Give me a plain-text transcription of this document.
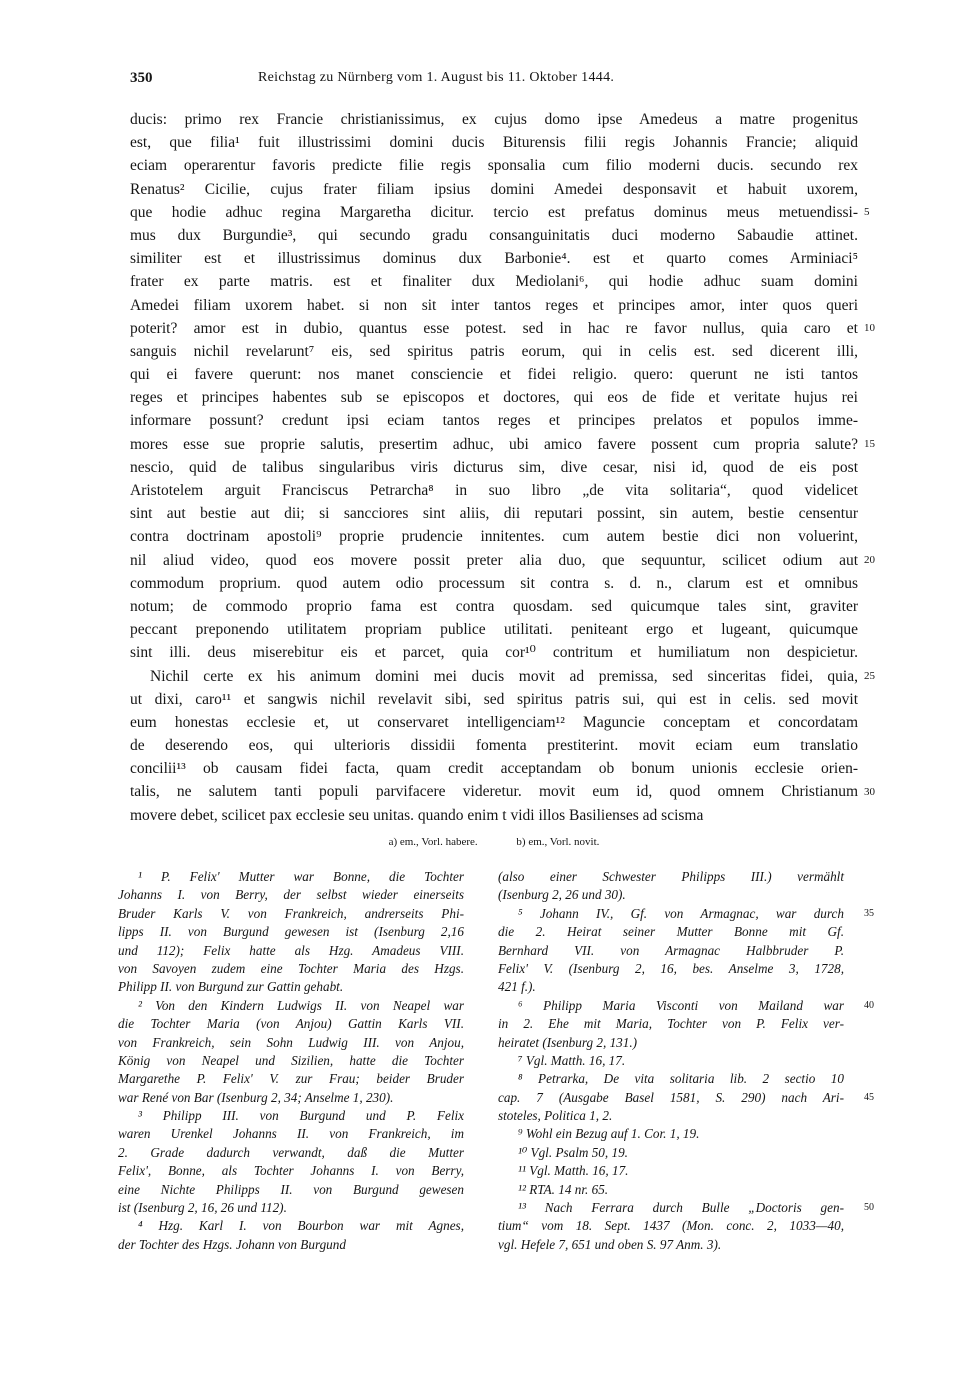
350	Reichstag zu Nürnberg vom 1. August bis 11. Oktober 1444.
ducis: primo rex Francie christianissimus, ex cujus domo ipse Amedeus a matre progenitus
est, que filia¹ fuit illustrissimi domini ducis Biturensis filii regis Johannis Francie; aliquid
eciam operarentur favoris predicte filie regis sponsalia cum filio moderni ducis. secundo rex
Renatus² Cicilie, cujus frater filiam ipsius domini Amedei desponsavit et habuit uxorem,
que hodie adhuc regina Margaretha dicitur. tercio est prefatus dominus meus metuendissi-
mus dux Burgundie³, qui secundo gradu consanguinitatis duci moderno Sabaudie attinet.
similiter est et illustrissimus dominus dux Barbonie⁴. est et quarto comes Arminiaci⁵
frater ex parte matris. est et finaliter dux Mediolani⁶, qui hodie adhuc suam domini
Amedei filiam uxorem habet. si non sit inter tantos reges et principes amor, inter quos queri
poterit? amor est in dubio, quantus esse potest. sed in hac re favor nullus, quia caro et
sanguis nichil revelarunt⁷ eis, sed spiritus patris eorum, qui in celis est. sed dicerent illi,
qui ei favere querunt: nos manet consciencie et fidei religio. quero: querunt ne isti tantos
reges et principes habentes sub se episcopos et doctores, qui eos de fide et veritate hujus rei
informare possunt? credunt ipsi eciam tantos reges et principes prelatos et populos imme-
mores esse sue proprie salutis, presertim adhuc, ubi amico favere possent cum propria salute?
nescio, quid de talibus singularibus viris dicturus sim, dive cesar, nisi id, quod de eis post
Aristotelem arguit Franciscus Petrarcha⁸ in suo libro „de vita solitaria“, quod videlicet
sint aut bestie aut dii; si sancciores sint aliis, dii reputari possint, sin autem, bestie censentur
contra doctrinam apostoli⁹ proprie prudencie innitentes. cum autem bestie dici non voluerint,
nil aliud video, quod eos movere possit preter alia duo, que sequuntur, scilicet odium aut
commodum proprium. quod autem odio processum sit contra s. d. n., clarum est et omnibus
notum; de commodo proprio fama est contra quosdam. sed quicumque tales sint, graviter
peccant preponendo utilitatem propriam publice utilitati. peniteant ergo et lugeant, quicumque
sint illi. deus miserebitur eis et parcet, quia cor¹⁰ contritum et humiliatum non despicietur.
Nichil certe ex his animum domini mei ducis movit ad premissa, sed sinceritas fidei, quia,
ut dixi, caro¹¹ et sangwis nichil revelavit sibi, sed spiritus patris sui, qui est in celis. sed movit
eum honestas ecclesie et, ut conservaret intelligenciam¹² Maguncie conceptam et concordatam
de deserendo eos, qui ulterioris dissidii fomenta prestiterint. movit eciam eum translatio
concilii¹³ ob causam fidei facta, quam credit acceptandam ob bonum unionis ecclesie orien-
talis, ne salutem tanti populi parvifacere videretur. movit eum id, quod omnem Christianum
movere debet, scilicet pax ecclesie seu unitas. quando enim t vidi illos Basilienses ad scisma
5
10
15
20
25
30
a) em., Vorl. habere.	b) em., Vorl. novit.
¹ P. Felix' Mutter war Bonne, die Tochter
Johanns I. von Berry, der selbst wieder einerseits
Bruder Karls V. von Frankreich, andrerseits Phi-
lipps II. von Burgund gewesen ist (Isenburg 2,16
und 112); Felix hatte als Hzg. Amadeus VIII.
von Savoyen zudem eine Tochter Maria des Hzgs.
Philipp II. von Burgund zur Gattin gehabt.
² Von den Kindern Ludwigs II. von Neapel war
die Tochter Maria (von Anjou) Gattin Karls VII.
von Frankreich, sein Sohn Ludwig III. von Anjou,
König von Neapel und Sizilien, hatte die Tochter
Margarethe P. Felix' V. zur Frau; beider Bruder
war René von Bar (Isenburg 2, 34; Anselme 1, 230).
³ Philipp III. von Burgund und P. Felix
waren Urenkel Johanns II. von Frankreich, im
2. Grade dadurch verwandt, daß die Mutter
Felix', Bonne, als Tochter Johanns I. von Berry,
eine Nichte Philipps II. von Burgund gewesen
ist (Isenburg 2, 16, 26 und 112).
⁴ Hzg. Karl I. von Bourbon war mit Agnes,
der Tochter des Hzgs. Johann von Burgund
(also einer Schwester Philipps III.) vermählt
(Isenburg 2, 26 und 30).
⁵ Johann IV., Gf. von Armagnac, war durch
die 2. Heirat seiner Mutter Bonne mit Gf.
Bernhard VII. von Armagnac Halbbruder P.
Felix' V. (Isenburg 2, 16, bes. Anselme 3, 1728,
421 f.).
⁶ Philipp Maria Visconti von Mailand war
in 2. Ehe mit Maria, Tochter von P. Felix ver-
heiratet (Isenburg 2, 131.)
⁷ Vgl. Matth. 16, 17.
⁸ Petrarka, De vita solitaria lib. 2 sectio 10
cap. 7 (Ausgabe Basel 1581, S. 290) nach Ari-
stoteles, Politica 1, 2.
⁹ Wohl ein Bezug auf 1. Cor. 1, 19.
¹⁰ Vgl. Psalm 50, 19.
¹¹ Vgl. Matth. 16, 17.
¹² RTA. 14 nr. 65.
¹³ Nach Ferrara durch Bulle „Doctoris gen-
tium“ vom 18. Sept. 1437 (Mon. conc. 2, 1033—40,
vgl. Hefele 7, 651 und oben S. 97 Anm. 3).
35
40
45
50
